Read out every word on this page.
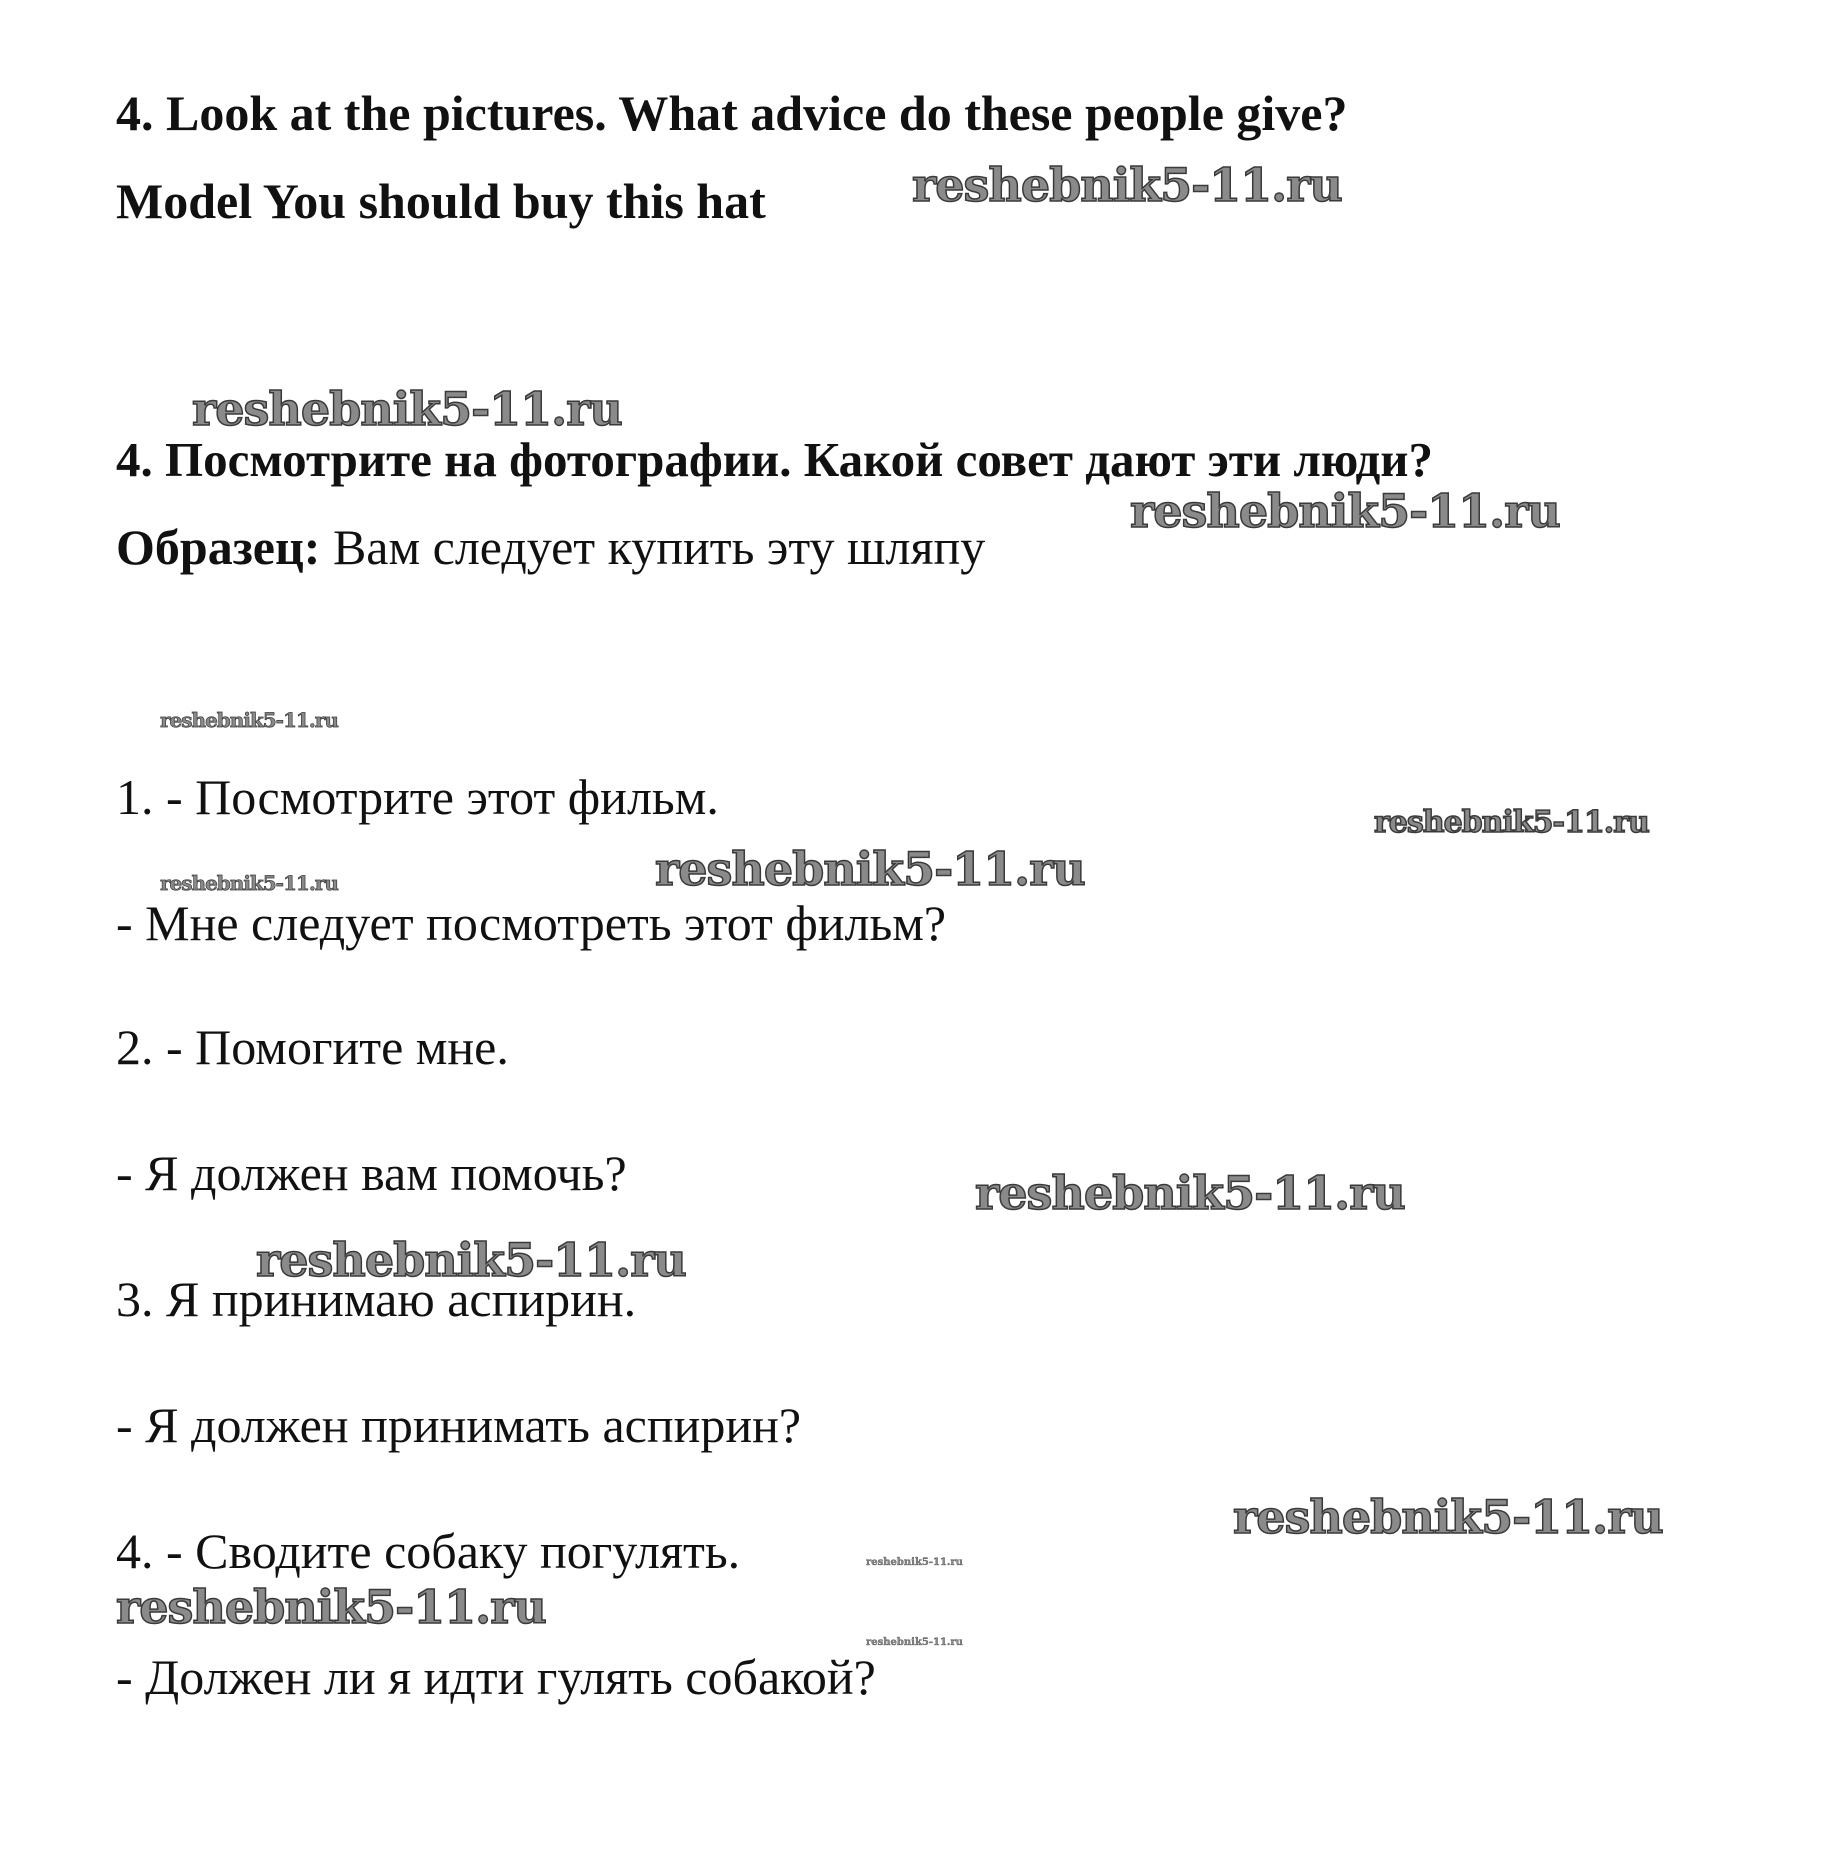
4. Look at the pictures. What advice do these people give?
Model You should buy this hat
4. Посмотрите на фотографии. Какой совет дают эти люди?
Образец: Вам следует купить эту шляпу
1. - Посмотрите этот фильм.
- Мне следует посмотреть этот фильм?
2. - Помогите мне.
- Я должен вам помочь?
3. Я принимаю аспирин.
- Я должен принимать аспирин?
4. - Сводите собаку погулять.
- Должен ли я идти гулять собакой?
reshebnik5-11.ru
reshebnik5-11.ru
reshebnik5-11.ru
reshebnik5-11.ru
reshebnik5-11.ru
reshebnik5-11.ru
reshebnik5-11.ru
reshebnik5-11.ru
reshebnik5-11.ru
reshebnik5-11.ru
reshebnik5-11.ru
reshebnik5-11.ru
reshebnik5-11.ru
